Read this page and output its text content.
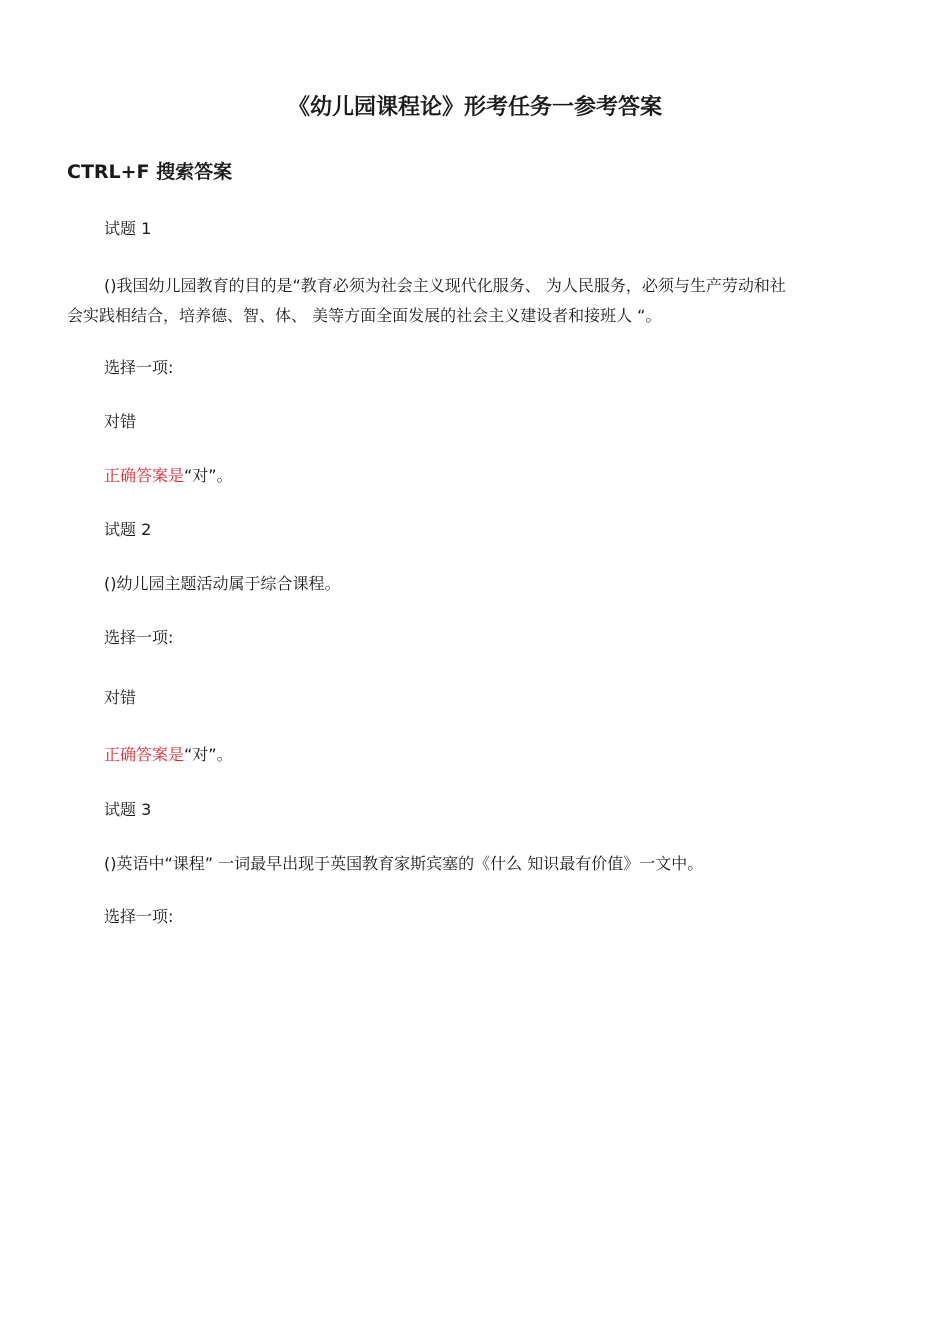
《幼儿园课程论》形考任务一参考答案
CTRL+F 搜索答案

试题 1

()我国幼儿园教育的目的是“教育必须为社会主义现代化服务、 为人民服务，必须与生产劳动和社
会实践相结合，培养德、智、体、 美等方面全面发展的社会主义建设者和接班人 “。

选择一项:

对错

正确答案是“对”。

试题 2

()幼儿园主题活动属于综合课程。

选择一项:

对错

正确答案是“对”。

试题 3

()英语中“课程” 一词最早出现于英国教育家斯宾塞的《什么 知识最有价值》一文中。

选择一项:
